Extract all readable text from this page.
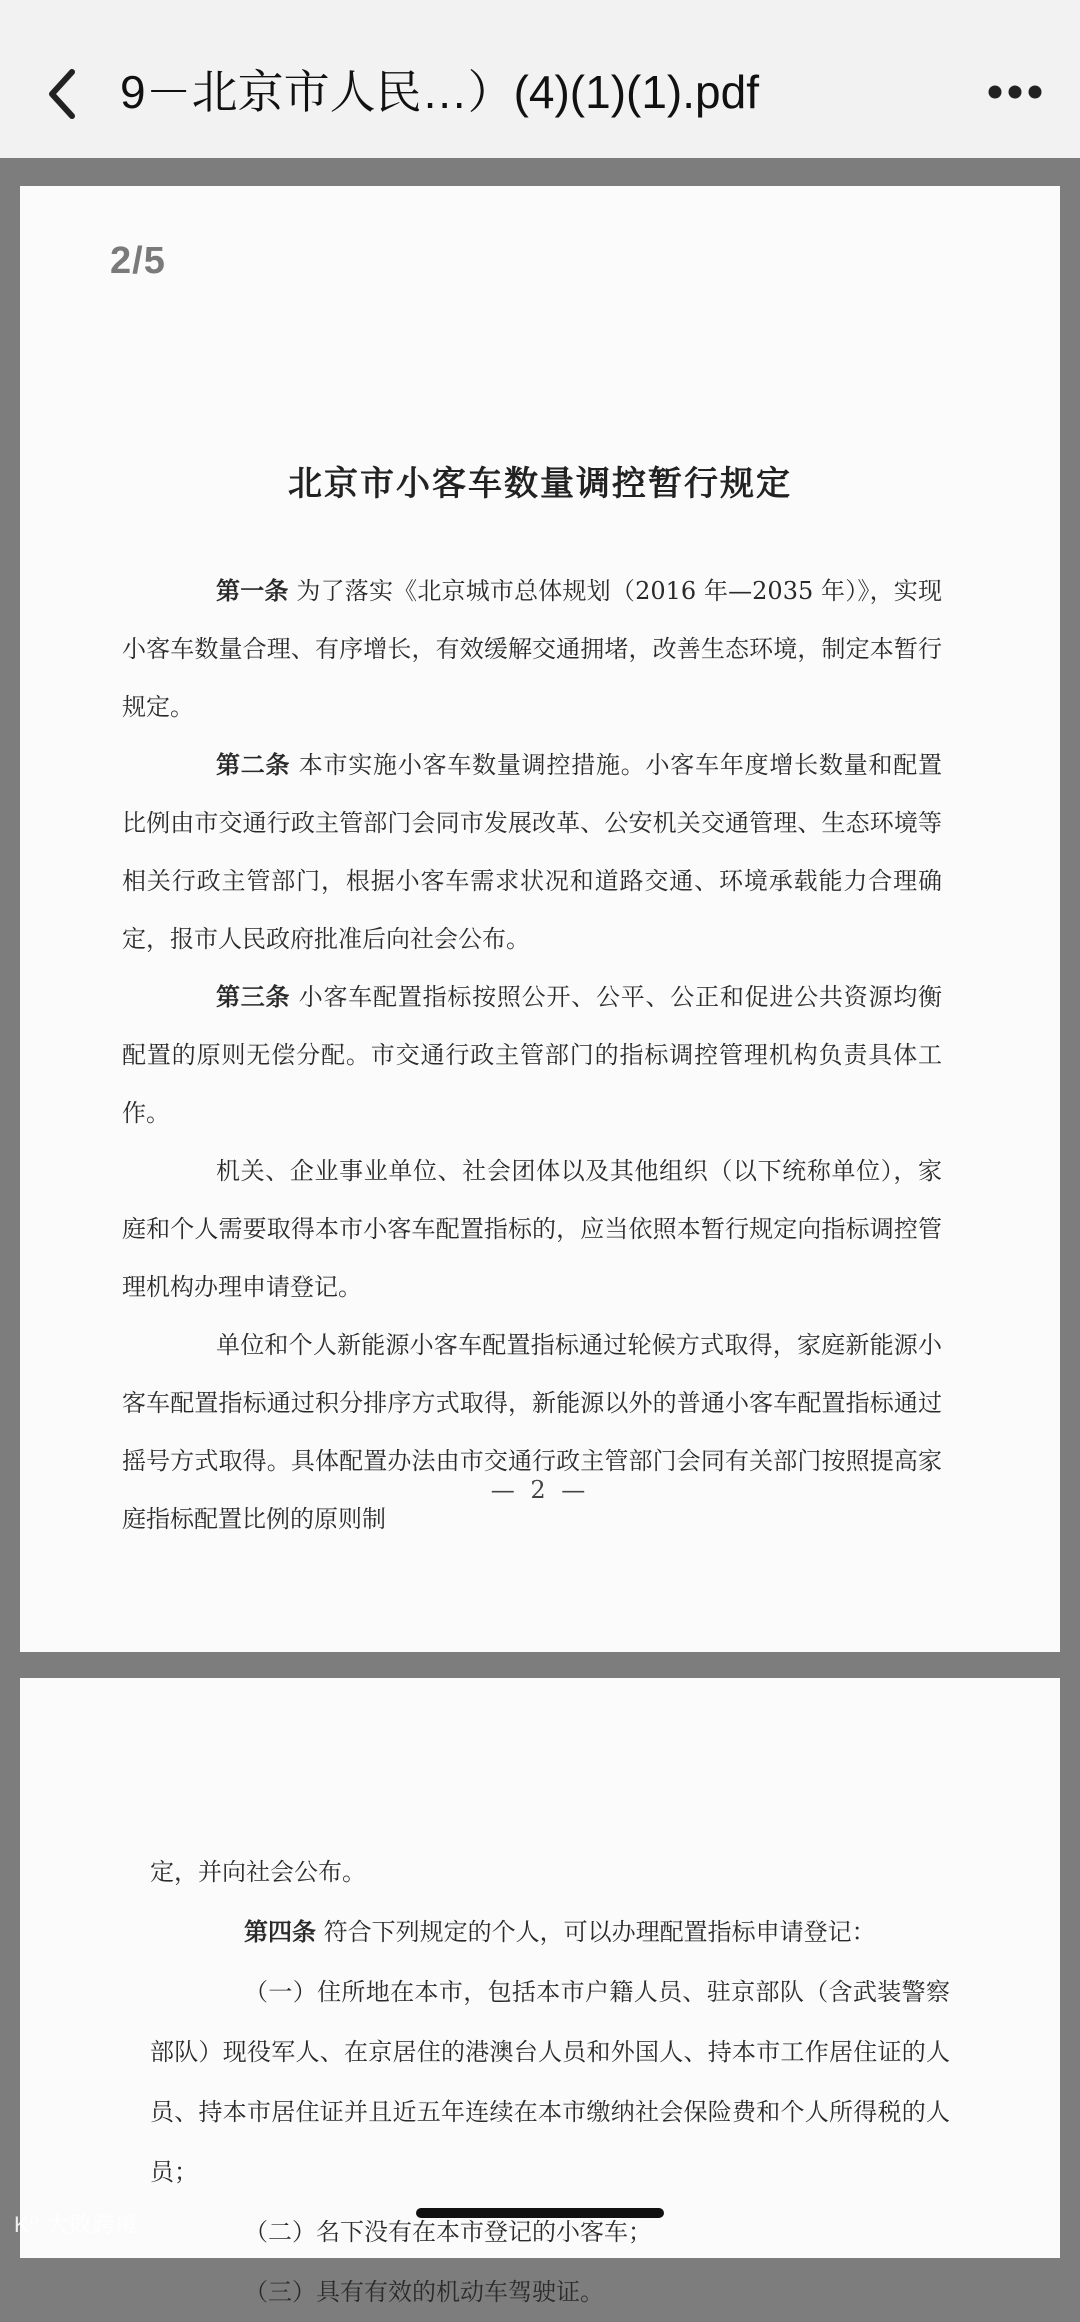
9－北京市人民…）(4)(1)(1).pdf
2/5
北京市小客车数量调控暂行规定

第一条 为了落实《北京城市总体规划（2016 年—2035 年）》，实现小客车数量合理、有序增长，有效缓解交通拥堵，改善生态环境，制定本暂行规定。

第二条 本市实施小客车数量调控措施。小客车年度增长数量和配置比例由市交通行政主管部门会同市发展改革、公安机关交通管理、生态环境等相关行政主管部门，根据小客车需求状况和道路交通、环境承载能力合理确定，报市人民政府批准后向社会公布。

第三条 小客车配置指标按照公开、公平、公正和促进公共资源均衡配置的原则无偿分配。市交通行政主管部门的指标调控管理机构负责具体工作。

机关、企业事业单位、社会团体以及其他组织（以下统称单位），家庭和个人需要取得本市小客车配置指标的，应当依照本暂行规定向指标调控管理机构办理申请登记。

单位和个人新能源小客车配置指标通过轮候方式取得，家庭新能源小客车配置指标通过积分排序方式取得，新能源以外的普通小客车配置指标通过摇号方式取得。具体配置办法由市交通行政主管部门会同有关部门按照提高家庭指标配置比例的原则制

— 2 —

定，并向社会公布。

第四条 符合下列规定的个人，可以办理配置指标申请登记：

（一）住所地在本市，包括本市户籍人员、驻京部队（含武装警察部队）现役军人、在京居住的港澳台人员和外国人、持本市工作居住证的人员、持本市居住证并且近五年连续在本市缴纳社会保险费和个人所得税的人员；

（二）名下没有在本市登记的小客车；

（三）具有有效的机动车驾驶证。

K⁰ 大敗跨境
